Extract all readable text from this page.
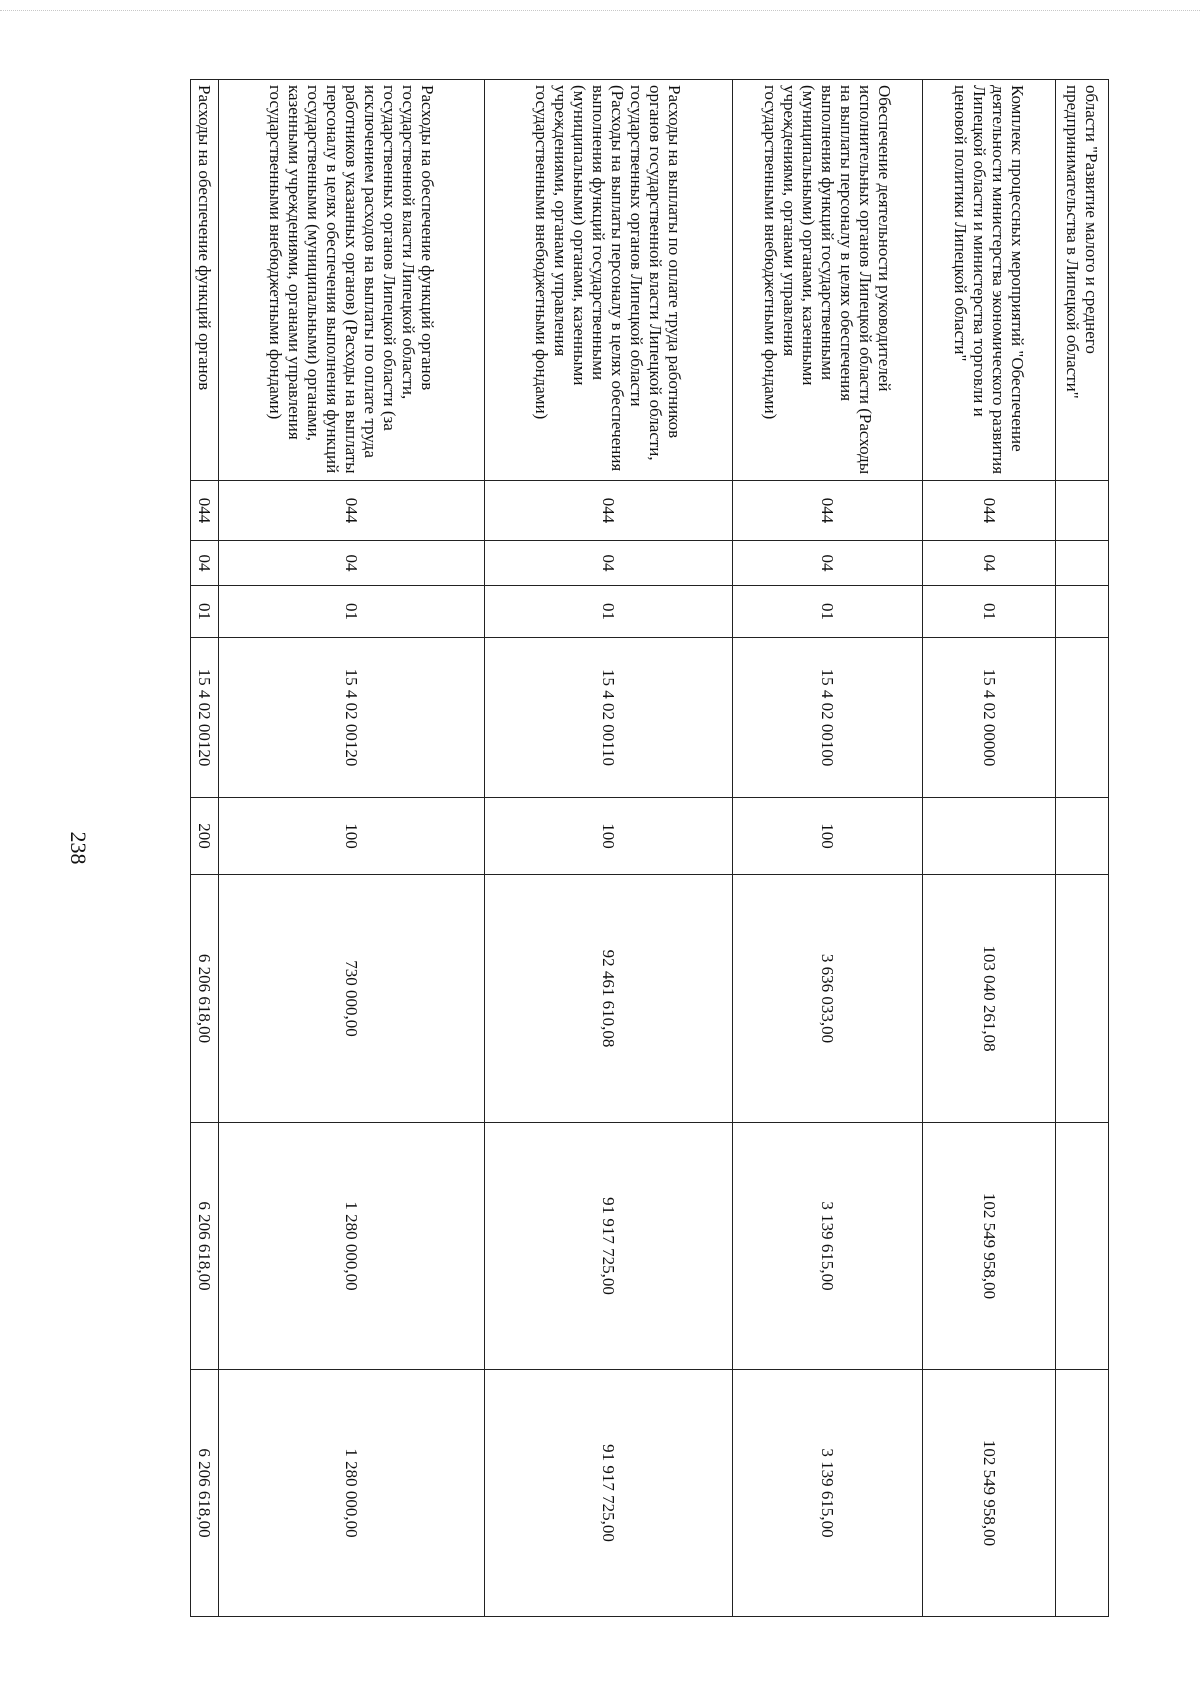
238
области "Развитие малого и среднего предпринимательства в Липецкой области"								
Комплекс процессных мероприятий "Обеспечение деятельности министерства экономического развития Липецкой области и министерства торговли и ценовой политики Липецкой области"	044	04	01	15 4 02 00000		103 040 261,08	102 549 958,00	102 549 958,00
Обеспечение деятельности руководителей исполнительных органов Липецкой области (Расходы на выплаты персоналу в целях обеспечения выполнения функций государственными (муниципальными) органами, казенными учреждениями, органами управления государственными внебюджетными фондами)	044	04	01	15 4 02 00100	100	3 636 033,00	3 139 615,00	3 139 615,00
Расходы на выплаты по оплате труда работников органов государственной власти Липецкой области, государственных органов Липецкой области (Расходы на выплаты персоналу в целях обеспечения выполнения функций государственными (муниципальными) органами, казенными учреждениями, органами управления государственными внебюджетными фондами)	044	04	01	15 4 02 00110	100	92 461 610,08	91 917 725,00	91 917 725,00
Расходы на обеспечение функций органов государственной власти Липецкой области, государственных органов Липецкой области (за исключением расходов на выплаты по оплате труда работников указанных органов) (Расходы на выплаты персоналу в целях обеспечения выполнения функций государственными (муниципальными) органами, казенными учреждениями, органами управления государственными внебюджетными фондами)	044	04	01	15 4 02 00120	100	730 000,00	1 280 000,00	1 280 000,00
Расходы на обеспечение функций органов	044	04	01	15 4 02 00120	200	6 206 618,00	6 206 618,00	6 206 618,00
